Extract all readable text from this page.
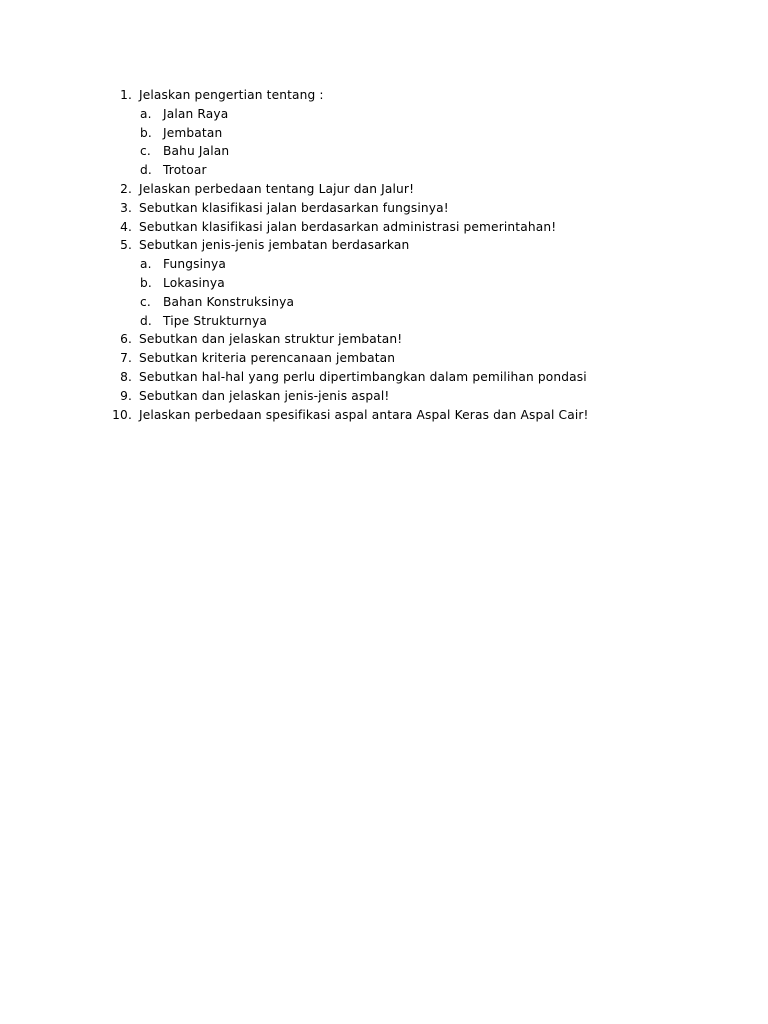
1. Jelaskan pengertian tentang :
a. Jalan Raya
b. Jembatan
c. Bahu Jalan
d. Trotoar
2. Jelaskan perbedaan tentang Lajur dan Jalur!
3. Sebutkan klasifikasi jalan berdasarkan fungsinya!
4. Sebutkan klasifikasi jalan berdasarkan administrasi pemerintahan!
5. Sebutkan jenis-jenis jembatan berdasarkan
a. Fungsinya
b. Lokasinya
c. Bahan Konstruksinya
d. Tipe Strukturnya
6. Sebutkan dan jelaskan struktur jembatan!
7. Sebutkan kriteria perencanaan jembatan
8. Sebutkan hal-hal yang perlu dipertimbangkan dalam pemilihan pondasi
9. Sebutkan dan jelaskan jenis-jenis aspal!
10. Jelaskan perbedaan spesifikasi aspal antara Aspal Keras dan Aspal Cair!
